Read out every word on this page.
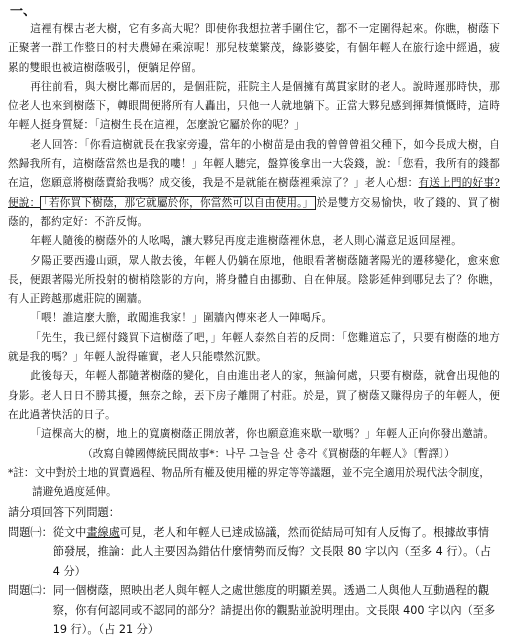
一、

這裡有棵古老大樹，它有多高大呢？即使你我想拉著手圍住它，都不一定圍得起來。你瞧，樹蔭下正聚著一群工作整日的村夫農婦在乘涼呢！那兒枝葉繁茂，綠影婆娑，有個年輕人在旅行途中經過，疲累的雙眼也被這樹蔭吸引，便躺足停留。

再往前看，與大樹比鄰而居的，是個莊院，莊院主人是個擁有萬貫家財的老人。說時遲那時快，那位老人也來到樹蔭下，轉眼間便將所有人轟出，只他一人就地躺下。正當大夥兒感到揮舞憤慨時，這時年輕人挺身質疑：「這樹生長在這裡，怎麼說它屬於你的呢？」

老人回答：「你看這樹就長在我家旁邊，當年的小樹苗是由我的曾曾曾祖父種下，如今長成大樹，自然歸我所有，這樹蔭當然也是我的嘍！」年輕人聽完，盤算後拿出一大袋錢，說：「您看，我所有的錢都在這，您願意將樹蔭賣給我嗎？成交後，我是不是就能在樹蔭裡乘涼了？」老人心想：有送上門的好事?便說： 「若你買下樹蔭，那它就屬於你，你當然可以自由使用。」 於是雙方交易愉快，收了錢的、買了樹蔭的，都約定好：不許反悔。

年輕人隨後的樹蔭外的人吆喝，讓大夥兒再度走進樹蔭裡休息，老人則心滿意足返回屋裡。

夕陽正要西邊山頭，眾人散去後，年輕人仍躺在原地，他眼看著樹蔭隨著陽光的遷移變化，愈來愈長，便跟著陽光所投射的樹梢陰影的方向，將身體自由挪動、自在伸展。陰影延伸到哪兒去了？你瞧，有人正跨越那處莊院的圍牆。

「喂！誰這麼大膽，敢闖進我家！」圍牆內傳來老人一陣喝斥。

「先生，我已經付錢買下這樹蔭了吧，」年輕人泰然自若的反問：「您難道忘了，只要有樹蔭的地方就是我的嗎？」年輕人說得確實，老人只能噤然沉默。

此後每天，年輕人都隨著樹蔭的變化，自由進出老人的家，無論何處，只要有樹蔭，就會出現他的身影。老人日日不勝其擾，無奈之餘，丟下房子離開了村莊。於是，買了樹蔭又賺得房子的年輕人，便在此過著快活的日子。

「這棵高大的樹，地上的寬廣樹蔭正開放著，你也願意進來歇一歇嗎？」年輕人正向你發出邀請。

（改寫自韓國傳統民間故事*：나무 그늘을 산 총각《買樹蔭的年輕人》〔暫譯〕）

*註：文中對於土地的買賣過程、物品所有權及使用權的界定等等議題，並不完全適用於現代法令制度，請避免過度延伸。

請分項回答下列問題：
問題㈠： 從文中畫線處可見，老人和年輕人已達成協議，然而從結局可知有人反悔了。根據故事情節發展，推論：此人主要因為錯估什麼情勢而反悔？文長限 80 字以內（至多 4 行）。（占 4 分）
問題㈡： 同一個樹蔭，照映出老人與年輕人之處世態度的明顯差異。透過二人與他人互動過程的觀察，你有何認同或不認同的部分？請提出你的觀點並說明理由。文長限 400 字以內（至多 19 行）。（占 21 分）
